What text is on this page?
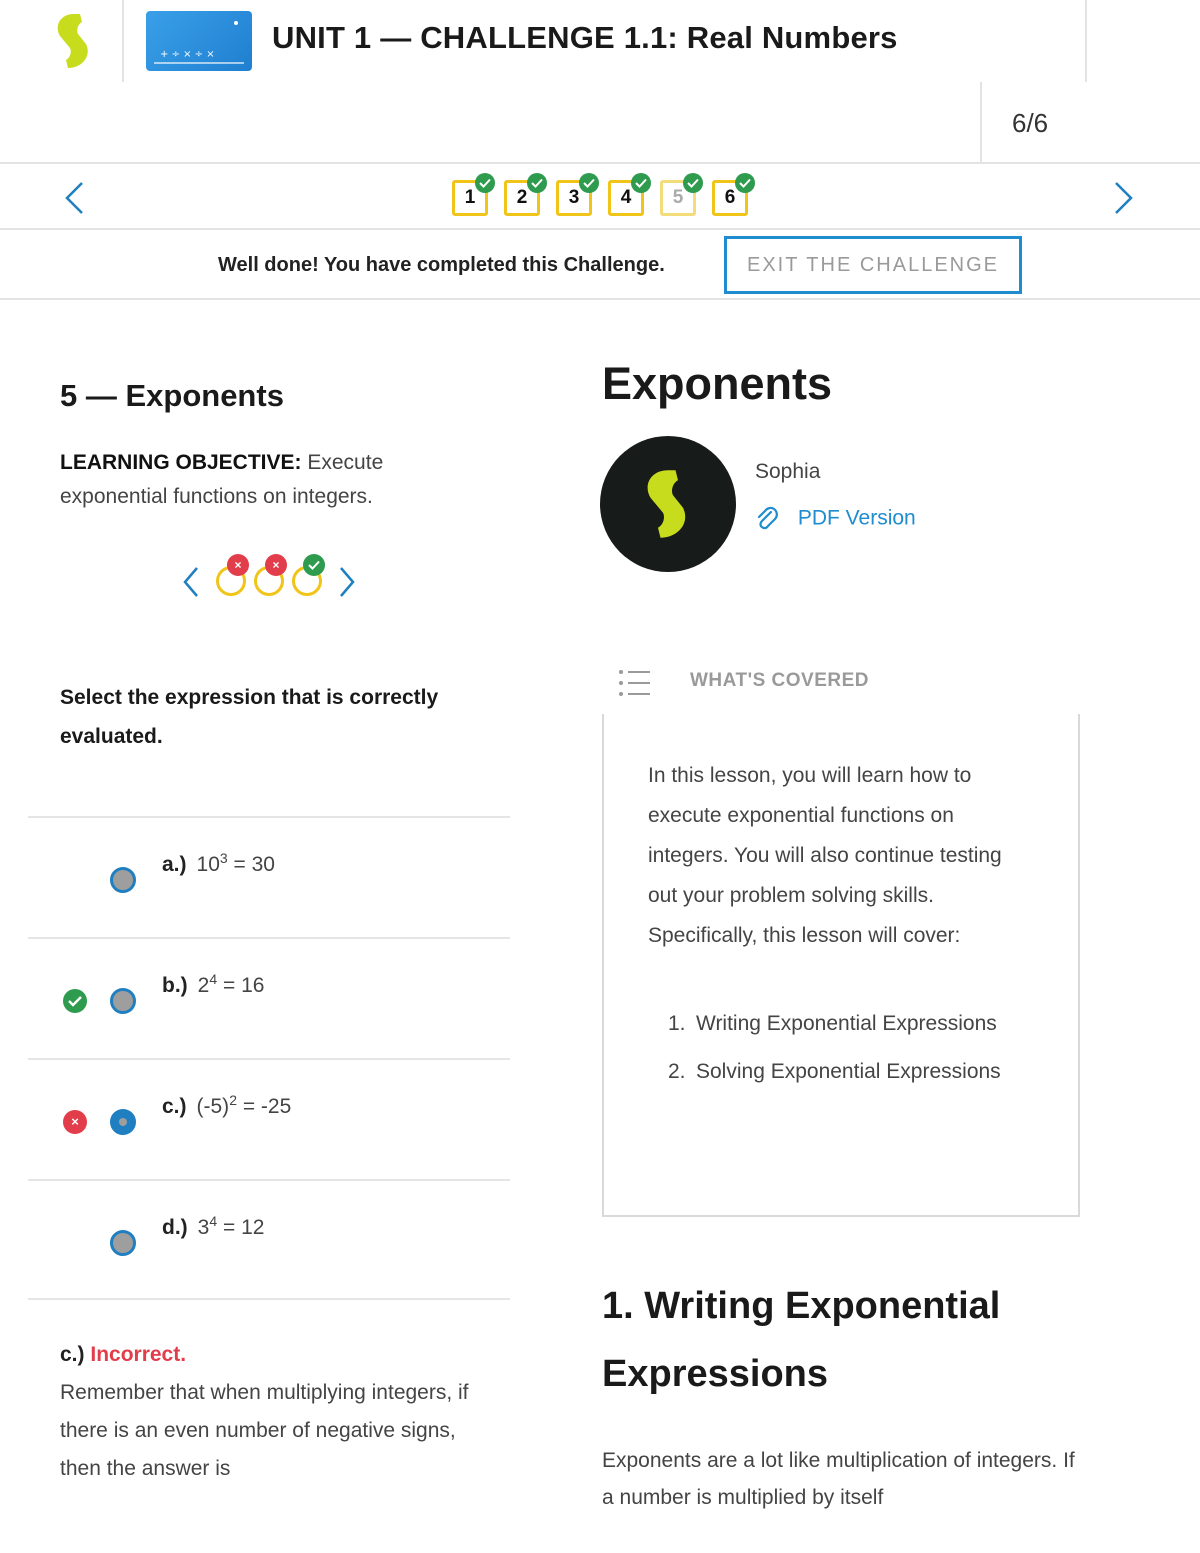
+ ÷ × ÷ × UNIT 1 — CHALLENGE 1.1: Real Numbers
6/6
1	2	3	4	5	6
Well done! You have completed this Challenge.	EXIT THE CHALLENGE
5 — Exponents
LEARNING OBJECTIVE: Execute exponential functions on integers.
×	×
Select the expression that is correctly evaluated.
a.) $10^3 = 30$
b.) $2^4 = 16$
×
c.) $(-5)^2 = -25$
d.) $3^4 = 12$
c.) Incorrect.
Remember that when multiplying integers, if there is an even number of negative signs, then the answer is
Exponents
Sophia
PDF Version
WHAT'S COVERED
In this lesson, you will learn how to execute exponential functions on integers. You will also continue testing out your problem solving skills. Specifically, this lesson will cover:
1. Writing Exponential Expressions
2. Solving Exponential Expressions
1. Writing Exponential Expressions
Exponents are a lot like multiplication of integers. If a number is multiplied by itself
